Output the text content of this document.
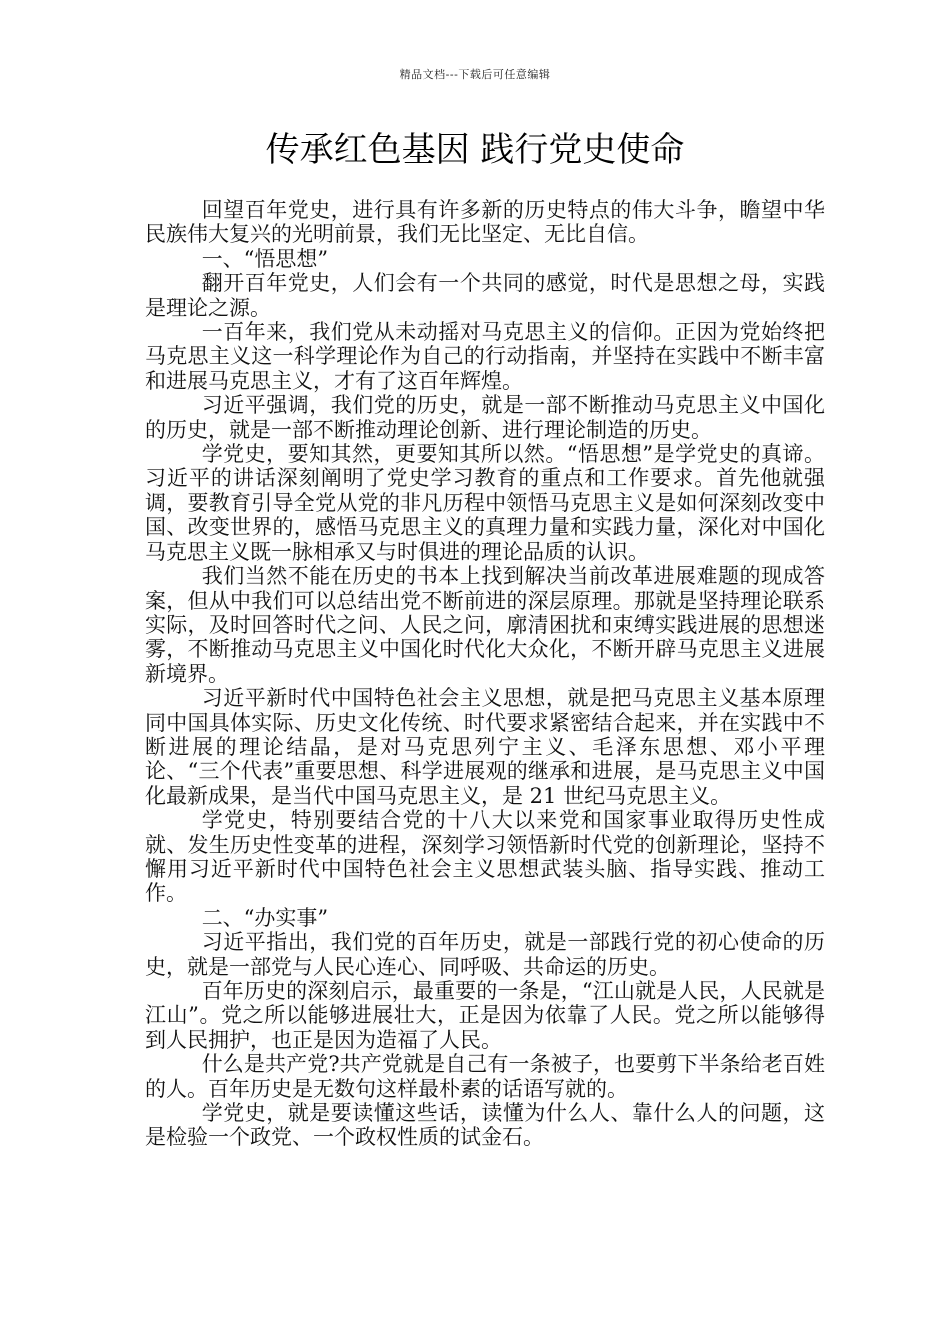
精品文档---下载后可任意编辑
传承红色基因 践行党史使命

回望百年党史，进行具有许多新的历史特点的伟大斗争，瞻望中华民族伟大复兴的光明前景，我们无比坚定、无比自信。

一、“悟思想”

翻开百年党史，人们会有一个共同的感觉，时代是思想之母，实践是理论之源。

一百年来，我们党从未动摇对马克思主义的信仰。正因为党始终把马克思主义这一科学理论作为自己的行动指南，并坚持在实践中不断丰富和进展马克思主义，才有了这百年辉煌。

习近平强调，我们党的历史，就是一部不断推动马克思主义中国化的历史，就是一部不断推动理论创新、进行理论制造的历史。

学党史，要知其然，更要知其所以然。“悟思想”是学党史的真谛。习近平的讲话深刻阐明了党史学习教育的重点和工作要求。首先他就强调，要教育引导全党从党的非凡历程中领悟马克思主义是如何深刻改变中国、改变世界的，感悟马克思主义的真理力量和实践力量，深化对中国化马克思主义既一脉相承又与时俱进的理论品质的认识。

我们当然不能在历史的书本上找到解决当前改革进展难题的现成答案，但从中我们可以总结出党不断前进的深层原理。那就是坚持理论联系实际，及时回答时代之问、人民之问，廓清困扰和束缚实践进展的思想迷雾，不断推动马克思主义中国化时代化大众化，不断开辟马克思主义进展新境界。

习近平新时代中国特色社会主义思想，就是把马克思主义基本原理同中国具体实际、历史文化传统、时代要求紧密结合起来，并在实践中不断进展的理论结晶，是对马克思列宁主义、毛泽东思想、邓小平理论、“三个代表”重要思想、科学进展观的继承和进展，是马克思主义中国化最新成果，是当代中国马克思主义，是 21 世纪马克思主义。

学党史，特别要结合党的十八大以来党和国家事业取得历史性成就、发生历史性变革的进程，深刻学习领悟新时代党的创新理论，坚持不懈用习近平新时代中国特色社会主义思想武装头脑、指导实践、推动工作。

二、“办实事”

习近平指出，我们党的百年历史，就是一部践行党的初心使命的历史，就是一部党与人民心连心、同呼吸、共命运的历史。

百年历史的深刻启示，最重要的一条是，“江山就是人民，人民就是江山”。党之所以能够进展壮大，正是因为依靠了人民。党之所以能够得到人民拥护，也正是因为造福了人民。

什么是共产党?共产党就是自己有一条被子，也要剪下半条给老百姓的人。百年历史是无数句这样最朴素的话语写就的。

学党史，就是要读懂这些话，读懂为什么人、靠什么人的问题，这是检验一个政党、一个政权性质的试金石。
